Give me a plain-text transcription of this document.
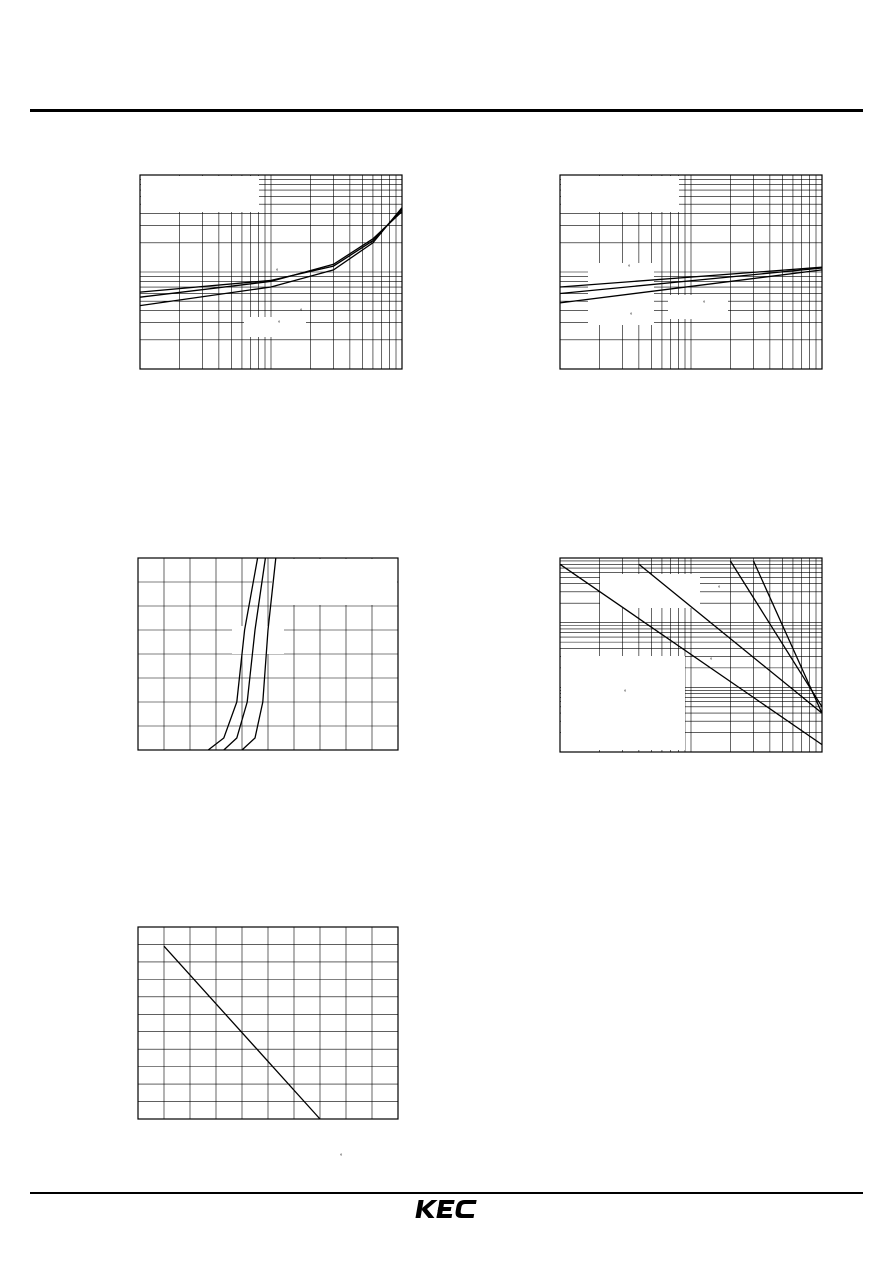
°
°
°
°
°
°
°
°
°
°
